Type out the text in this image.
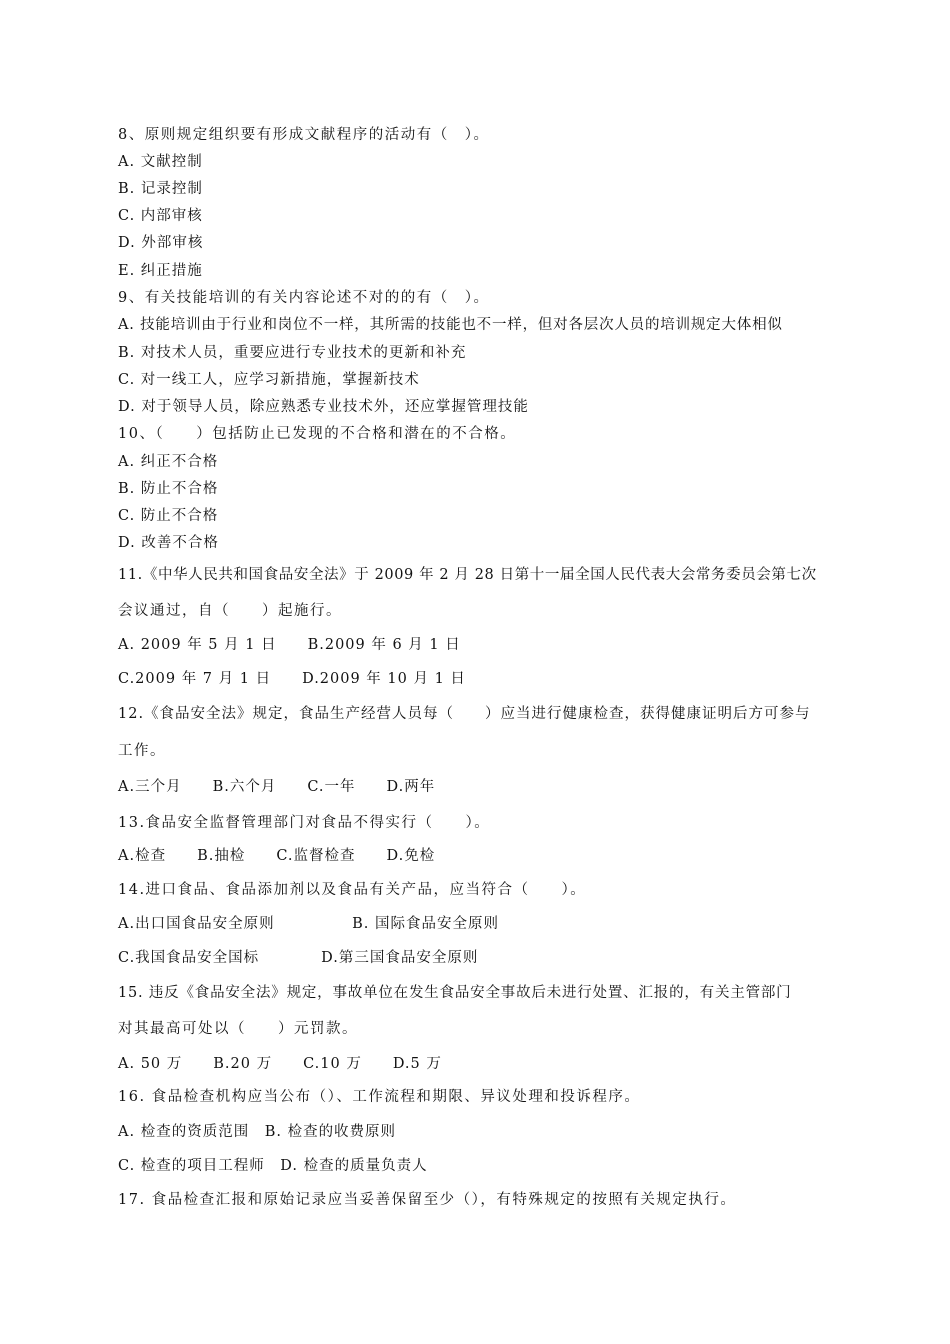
8、原则规定组织要有形成文献程序的活动有（　）。
A. 文献控制
B. 记录控制
C. 内部审核
D. 外部审核
E. 纠正措施
9、有关技能培训的有关内容论述不对的的有（　）。
A. 技能培训由于行业和岗位不一样，其所需的技能也不一样，但对各层次人员的培训规定大体相似
B. 对技术人员，重要应进行专业技术的更新和补充
C. 对一线工人，应学习新措施，掌握新技术
D. 对于领导人员，除应熟悉专业技术外，还应掌握管理技能
10、（　　）包括防止已发现的不合格和潜在的不合格。
A. 纠正不合格
B. 防止不合格
C. 防止不合格
D. 改善不合格
11.《中华人民共和国食品安全法》于 2009 年 2 月 28 日第十一届全国人民代表大会常务委员会第七次
会议通过，自（　　）起施行。
A. 2009 年 5 月 1 日　　B.2009 年 6 月 1 日
C.2009 年 7 月 1 日　　D.2009 年 10 月 1 日
12.《食品安全法》规定，食品生产经营人员每（　　）应当进行健康检查，获得健康证明后方可参与
工作。
A.三个月　　B.六个月　　C.一年　　D.两年
13.食品安全监督管理部门对食品不得实行（　　）。
A.检查　　B.抽检　　C.监督检查　　D.免检
14.进口食品、食品添加剂以及食品有关产品，应当符合（　　）。
A.出口国食品安全原则　　　　　B. 国际食品安全原则
C.我国食品安全国标　　　　D.第三国食品安全原则
15. 违反《食品安全法》规定，事故单位在发生食品安全事故后未进行处置、汇报的，有关主管部门
对其最高可处以（　　）元罚款。
A. 50 万　　B.20 万　　C.10 万　　D.5 万
16. 食品检查机构应当公布（）、工作流程和期限、异议处理和投诉程序。
A. 检查的资质范围　B. 检查的收费原则
C. 检查的项目工程师　D. 检查的质量负责人
17. 食品检查汇报和原始记录应当妥善保留至少（），有特殊规定的按照有关规定执行。
